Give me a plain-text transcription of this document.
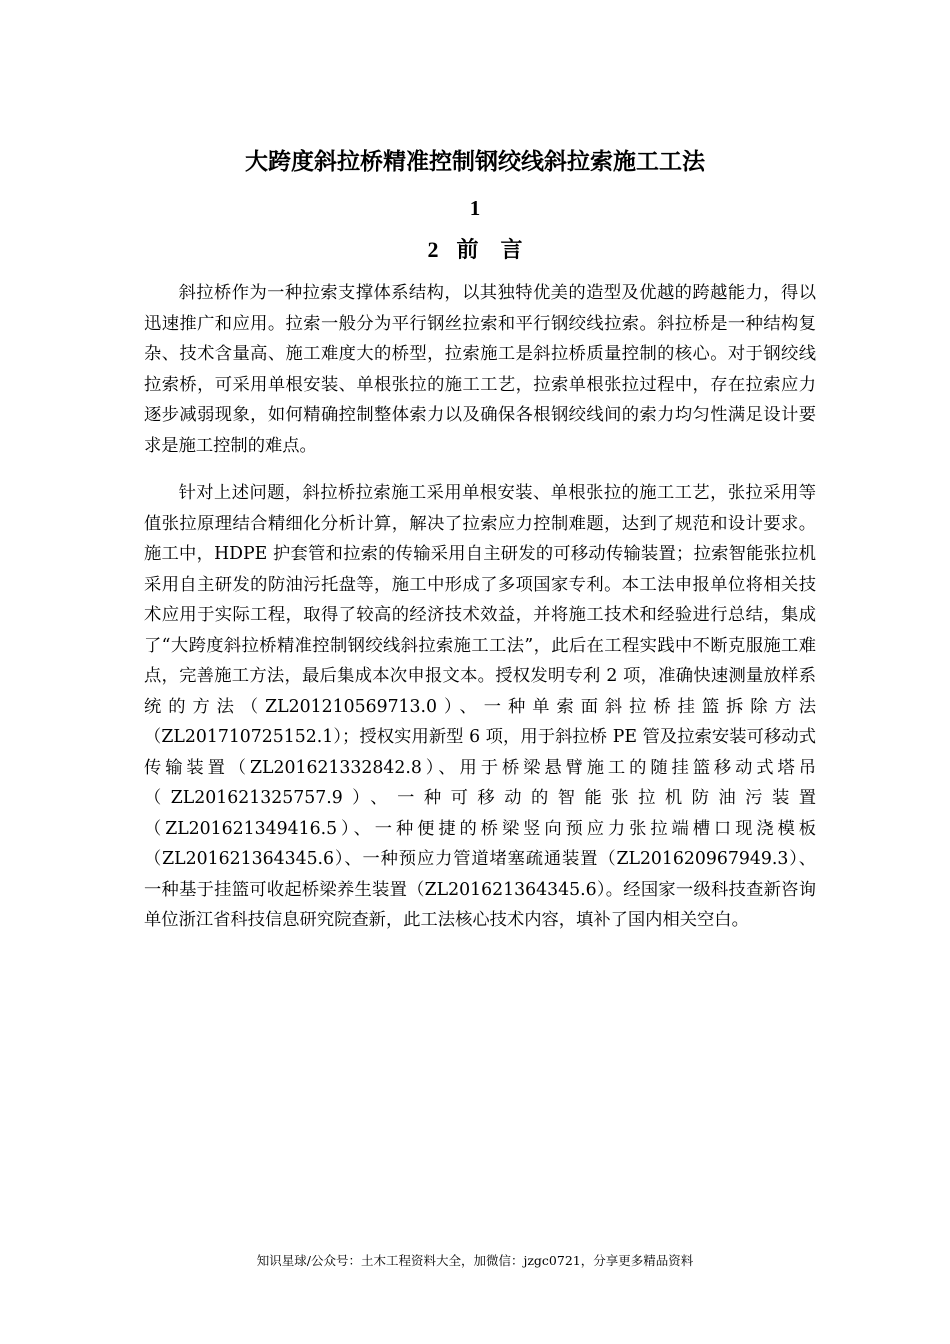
大跨度斜拉桥精准控制钢绞线斜拉索施工工法
1
2 前言

斜拉桥作为一种拉索支撑体系结构，以其独特优美的造型及优越的跨越能力，得以迅速推广和应用。拉索一般分为平行钢丝拉索和平行钢绞线拉索。斜拉桥是一种结构复杂、技术含量高、施工难度大的桥型，拉索施工是斜拉桥质量控制的核心。对于钢绞线拉索桥，可采用单根安装、单根张拉的施工工艺，拉索单根张拉过程中，存在拉索应力逐步减弱现象，如何精确控制整体索力以及确保各根钢绞线间的索力均匀性满足设计要求是施工控制的难点。

针对上述问题，斜拉桥拉索施工采用单根安装、单根张拉的施工工艺，张拉采用等值张拉原理结合精细化分析计算，解决了拉索应力控制难题，达到了规范和设计要求。施工中，HDPE 护套管和拉索的传输采用自主研发的可移动传输装置；拉索智能张拉机采用自主研发的防油污托盘等，施工中形成了多项国家专利。本工法申报单位将相关技术应用于实际工程，取得了较高的经济技术效益，并将施工技术和经验进行总结，集成了“大跨度斜拉桥精准控制钢绞线斜拉索施工工法”，此后在工程实践中不断克服施工难点，完善施工方法，最后集成本次申报文本。授权发明专利 2 项，准确快速测量放样系统的方法（ZL201210569713.0）、一种单索面斜拉桥挂篮拆除方法（ZL201710725152.1）；授权实用新型 6 项，用于斜拉桥 PE 管及拉索安装可移动式传输装置（ZL201621332842.8）、用于桥梁悬臂施工的随挂篮移动式塔吊（ZL201621325757.9）、一种可移动的智能张拉机防油污装置（ZL201621349416.5）、一种便捷的桥梁竖向预应力张拉端槽口现浇模板（ZL201621364345.6）、一种预应力管道堵塞疏通装置（ZL201620967949.3）、一种基于挂篮可收起桥梁养生装置（ZL201621364345.6）。经国家一级科技查新咨询单位浙江省科技信息研究院查新，此工法核心技术内容，填补了国内相关空白。

知识星球/公众号：土木工程资料大全，加微信：jzgc0721，分享更多精品资料
